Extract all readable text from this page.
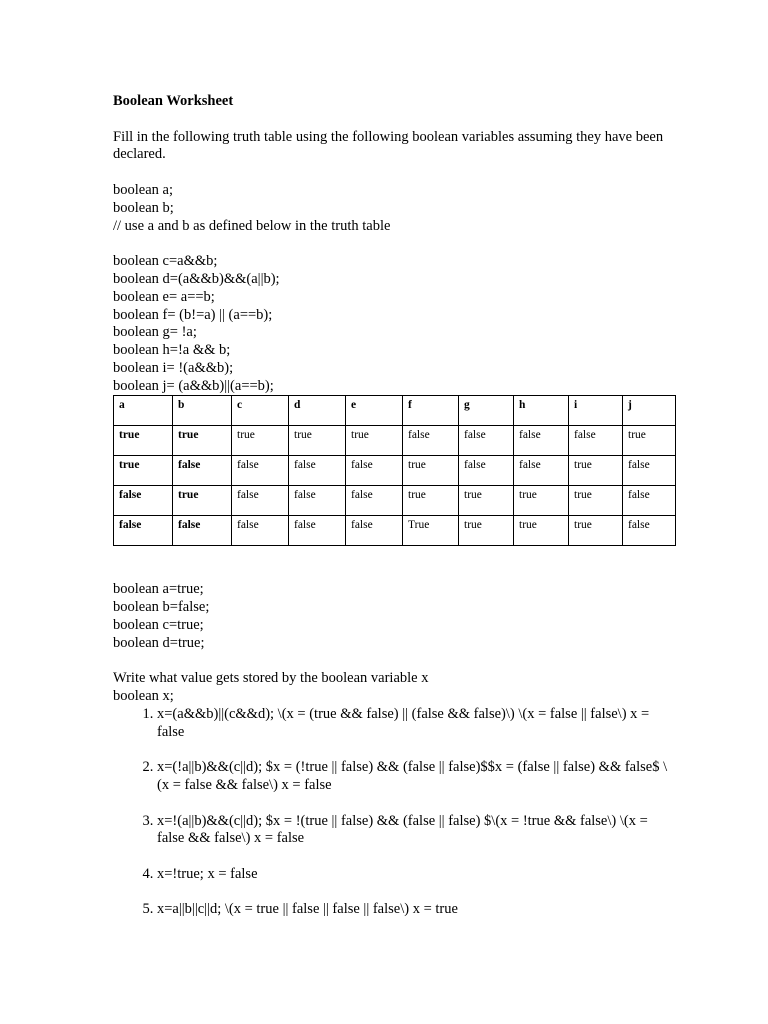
Boolean Worksheet

Fill in the following truth table using the following boolean variables assuming they have been declared.

boolean a;

boolean b;

// use a and b as defined below in the truth table

boolean c=a&&b;

boolean d=(a&&b)&&(a||b);

boolean e= a==b;

boolean f= (b!=a) || (a==b);

boolean g= !a;

boolean h=!a && b;

boolean i= !(a&&b);

boolean j= (a&&b)||(a==b);

a	b	c	d	e	f	g	h	i	j
true	true	true	true	true	false	false	false	false	true
true	false	false	false	false	true	false	false	true	false
false	true	false	false	false	true	true	true	true	false
false	false	false	false	false	True	true	true	true	false

boolean a=true;

boolean b=false;

boolean c=true;

boolean d=true;

Write what value gets stored by the boolean variable x

boolean x;

1. x=(a&&b)||(c&&d); \(x = (true && false) || (false && false)\) \(x = false || false\) x = false
2. x=(!a||b)&&(c||d); $x = (!true || false) && (false || false)$$x = (false || false) && false$ \(x = false && false\) x = false
3. x=!(a||b)&&(c||d); $x = !(true || false) && (false || false) $\(x = !true && false\) \(x = false && false\) x = false
4. x=!true; x = false
5. x=a||b||c||d; \(x = true || false || false || false\) x = true
